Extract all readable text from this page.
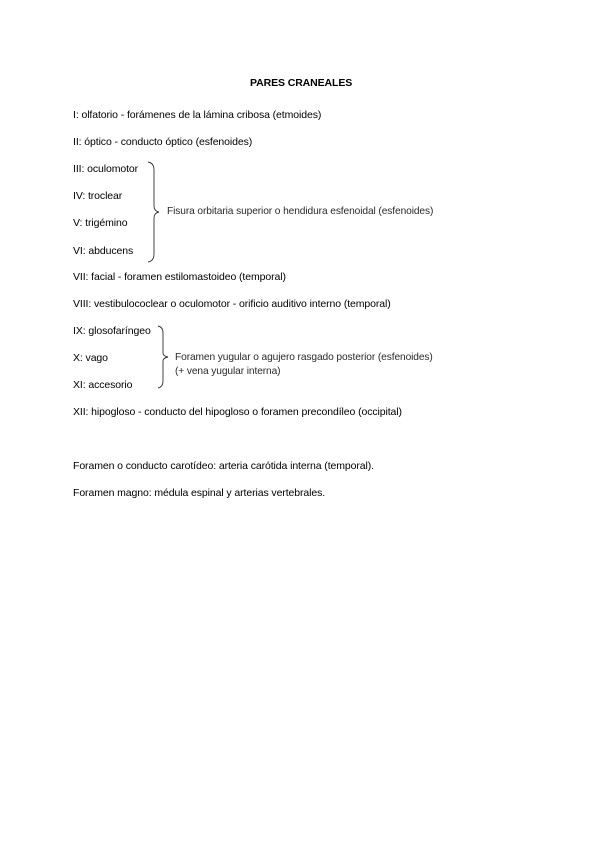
PARES CRANEALES
I: olfatorio - forámenes de la lámina cribosa (etmoides)
II: óptico - conducto óptico (esfenoides)
III: oculomotor
IV: troclear
V: trigémino
VI: abducens
Fisura orbitaria superior o hendidura esfenoidal (esfenoides)
VII: facial - foramen estilomastoideo (temporal)
VIII: vestibulococlear o oculomotor - orificio auditivo interno (temporal)
IX: glosofaríngeo
X: vago
XI: accesorio
Foramen yugular o agujero rasgado posterior (esfenoides)
(+ vena yugular interna)
XII: hipogloso - conducto del hipogloso o foramen precondíleo (occipital)
Foramen o conducto carotídeo: arteria carótida interna (temporal).
Foramen magno: médula espinal y arterias vertebrales.
